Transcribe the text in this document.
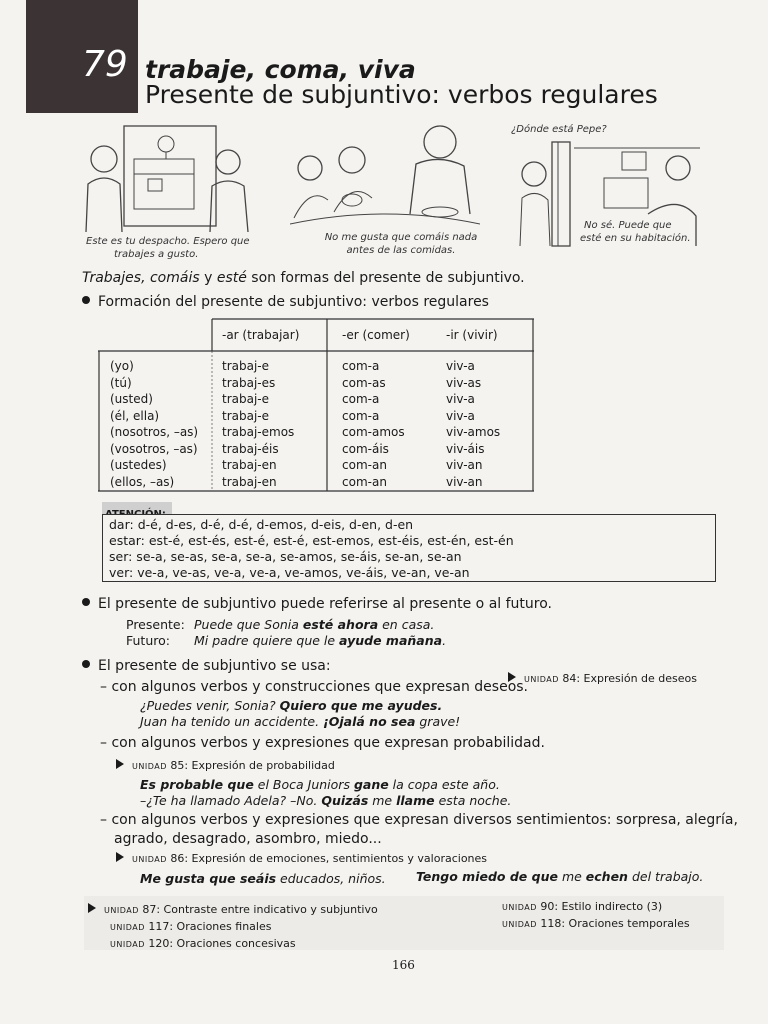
79 trabaje, coma, viva
Presente de subjuntivo: verbos regulares
Este es tu despacho. Espero que
trabajes a gusto.
No me gusta que comáis nada
antes de las comidas.
¿Dónde está Pepe?
No sé. Puede que
esté en su habitación.
Trabajes, comáis y esté son formas del presente de subjuntivo.
Formación del presente de subjuntivo: verbos regulares
-ar (trabajar)	-er (comer)	-ir (vivir)
(yo)
(tú)
(usted)
(él, ella)
(nosotros, –as)
(vosotros, –as)
(ustedes)
(ellos, –as)
trabaj-e
trabaj-es
trabaj-e
trabaj-e
trabaj-emos
trabaj-éis
trabaj-en
trabaj-en
com-a
com-as
com-a
com-a
com-amos
com-áis
com-an
com-an
viv-a
viv-as
viv-a
viv-a
viv-amos
viv-áis
viv-an
viv-an
dar: d-é, d-es, d-é, d-é, d-emos, d-eis, d-en, d-en
estar: est-é, est-és, est-é, est-é, est-emos, est-éis, est-én, est-én
ser: se-a, se-as, se-a, se-a, se-amos, se-áis, se-an, se-an
ver: ve-a, ve-as, ve-a, ve-a, ve-amos, ve-áis, ve-an, ve-an
El presente de subjuntivo puede referirse al presente o al futuro.
Presente: Puede que Sonia esté ahora en casa.
Futuro: Mi padre quiere que le ayude mañana.
El presente de subjuntivo se usa:
– con algunos verbos y construcciones que expresan deseos.
UNIDAD 84: Expresión de deseos
¿Puedes venir, Sonia? Quiero que me ayudes.
Juan ha tenido un accidente. ¡Ojalá no sea grave!
– con algunos verbos y expresiones que expresan probabilidad.
UNIDAD 85: Expresión de probabilidad
Es probable que el Boca Juniors gane la copa este año.
–¿Te ha llamado Adela? –No. Quizás me llame esta noche.
– con algunos verbos y expresiones que expresan diversos sentimientos: sorpresa, alegría,
agrado, desagrado, asombro, miedo...
UNIDAD 86: Expresión de emociones, sentimientos y valoraciones
Me gusta que seáis educados, niños. Tengo miedo de que me echen del trabajo.
UNIDAD 87: Contraste entre indicativo y subjuntivo
UNIDAD 117: Oraciones finales
UNIDAD 120: Oraciones concesivas
UNIDAD 90: Estilo indirecto (3)
UNIDAD 118: Oraciones temporales
166
